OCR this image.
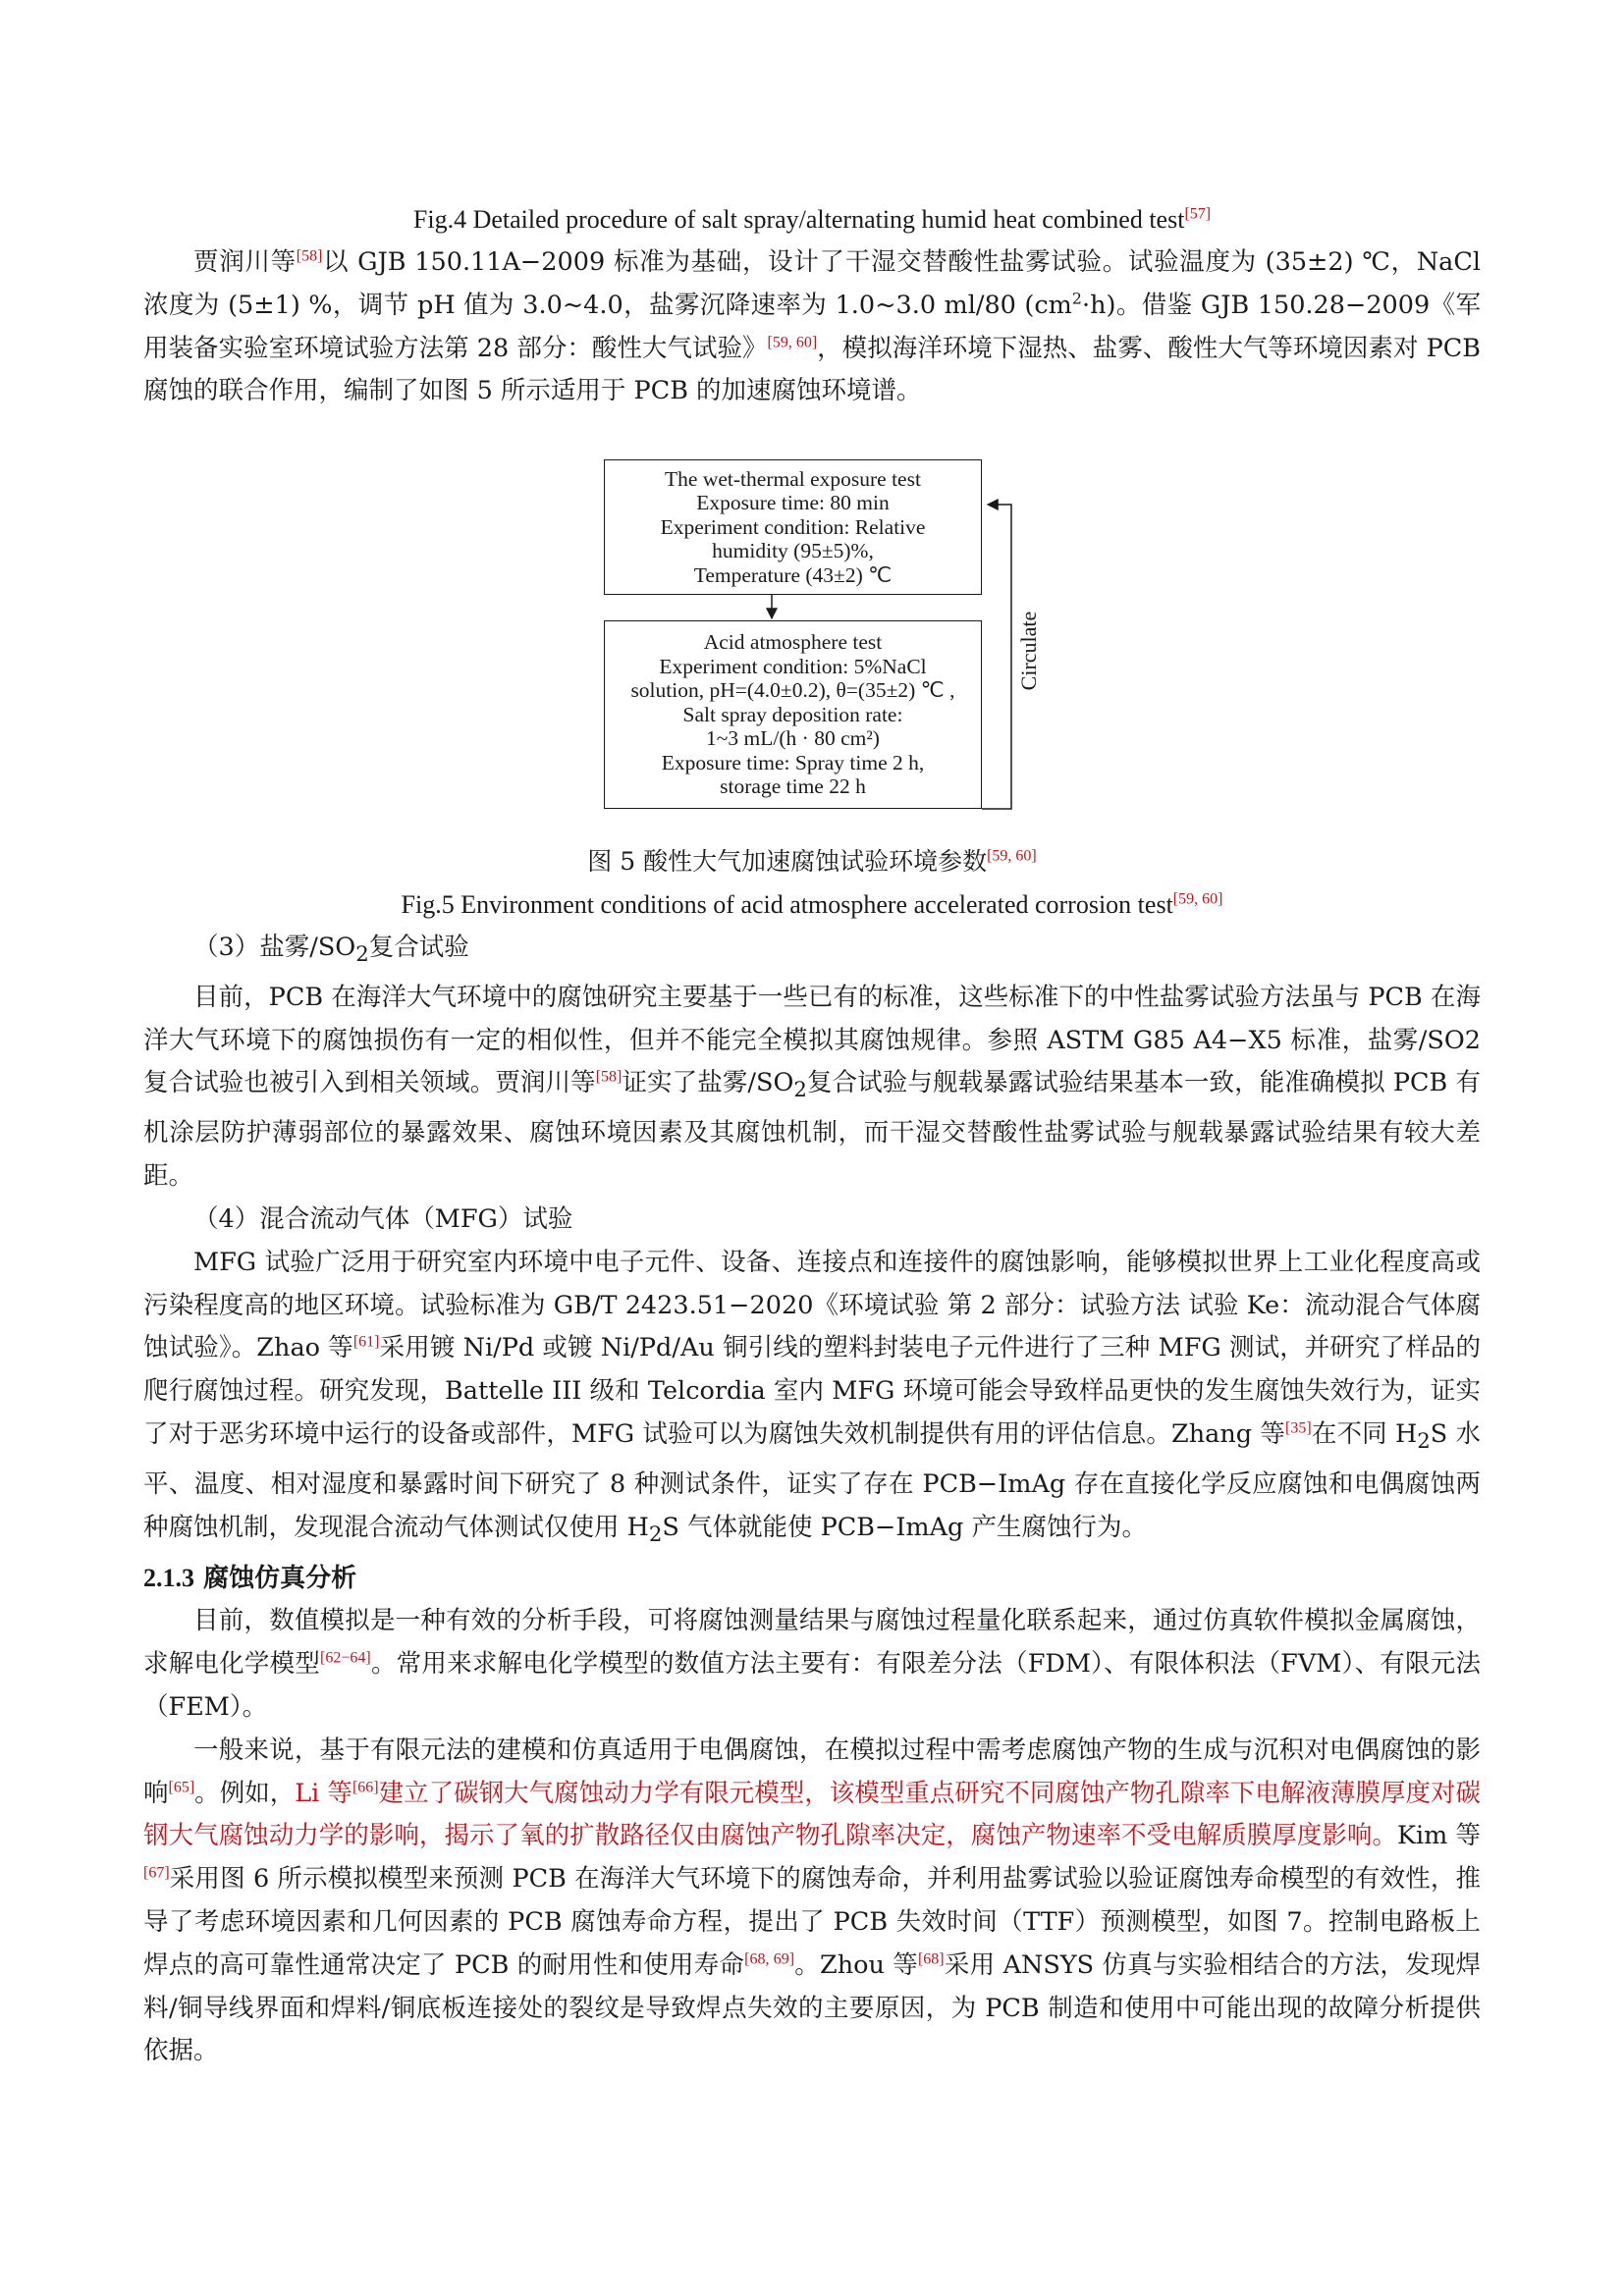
Fig.4 Detailed procedure of salt spray/alternating humid heat combined test[57]

贾润川等[58]以 GJB 150.11A−2009 标准为基础，设计了干湿交替酸性盐雾试验。试验温度为 (35±2) ℃，NaCl 浓度为 (5±1) %，调节 pH 值为 3.0~4.0，盐雾沉降速率为 1.0~3.0 ml/80 $(cm^2\cdot h)$。借鉴 GJB 150.28−2009《军用装备实验室环境试验方法第 28 部分：酸性大气试验》[59, 60]，模拟海洋环境下湿热、盐雾、酸性大气等环境因素对 PCB 腐蚀的联合作用，编制了如图 5 所示适用于 PCB 的加速腐蚀环境谱。

The wet-thermal exposure test
Exposure time: 80 min
Experiment condition: Relative
humidity (95±5)%,
Temperature (43±2) ℃
Acid atmosphere test
Experiment condition: 5%NaCl
solution, pH=(4.0±0.2), θ=(35±2) ℃ ,
Salt spray deposition rate:
1~3 mL/(h · 80 cm²)
Exposure time: Spray time 2 h,
storage time 22 h
Circulate
图 5 酸性大气加速腐蚀试验环境参数[59, 60]
Fig.5 Environment conditions of acid atmosphere accelerated corrosion test[59, 60]

（3）盐雾$/SO_2$复合试验

目前，PCB 在海洋大气环境中的腐蚀研究主要基于一些已有的标准，这些标准下的中性盐雾试验方法虽与 PCB 在海洋大气环境下的腐蚀损伤有一定的相似性，但并不能完全模拟其腐蚀规律。参照 ASTM G85 A4−X5 标准，盐雾/SO2 复合试验也被引入到相关领域。贾润川等[58]证实了盐雾$/SO_2$复合试验与舰载暴露试验结果基本一致，能准确模拟 PCB 有机涂层防护薄弱部位的暴露效果、腐蚀环境因素及其腐蚀机制，而干湿交替酸性盐雾试验与舰载暴露试验结果有较大差距。

（4）混合流动气体（MFG）试验

MFG 试验广泛用于研究室内环境中电子元件、设备、连接点和连接件的腐蚀影响，能够模拟世界上工业化程度高或污染程度高的地区环境。试验标准为 GB/T 2423.51−2020《环境试验 第 2 部分：试验方法 试验 Ke：流动混合气体腐蚀试验》。Zhao 等[61]采用镀 Ni/Pd 或镀 Ni/Pd/Au 铜引线的塑料封装电子元件进行了三种 MFG 测试，并研究了样品的爬行腐蚀过程。研究发现，Battelle III 级和 Telcordia 室内 MFG 环境可能会导致样品更快的发生腐蚀失效行为，证实了对于恶劣环境中运行的设备或部件，MFG 试验可以为腐蚀失效机制提供有用的评估信息。Zhang 等[35]在不同 $H_2S$ 水平、温度、相对湿度和暴露时间下研究了 8 种测试条件，证实了存在 PCB−ImAg 存在直接化学反应腐蚀和电偶腐蚀两种腐蚀机制，发现混合流动气体测试仅使用 $H_2S$ 气体就能使 PCB−ImAg 产生腐蚀行为。

2.1.3 腐蚀仿真分析

目前，数值模拟是一种有效的分析手段，可将腐蚀测量结果与腐蚀过程量化联系起来，通过仿真软件模拟金属腐蚀，求解电化学模型[62−64]。常用来求解电化学模型的数值方法主要有：有限差分法（FDM）、有限体积法（FVM）、有限元法（FEM）。

一般来说，基于有限元法的建模和仿真适用于电偶腐蚀，在模拟过程中需考虑腐蚀产物的生成与沉积对电偶腐蚀的影响[65]。例如，Li 等[66]建立了碳钢大气腐蚀动力学有限元模型，该模型重点研究不同腐蚀产物孔隙率下电解液薄膜厚度对碳钢大气腐蚀动力学的影响，揭示了氧的扩散路径仅由腐蚀产物孔隙率决定，腐蚀产物速率不受电解质膜厚度影响。Kim 等[67]采用图 6 所示模拟模型来预测 PCB 在海洋大气环境下的腐蚀寿命，并利用盐雾试验以验证腐蚀寿命模型的有效性，推导了考虑环境因素和几何因素的 PCB 腐蚀寿命方程，提出了 PCB 失效时间（TTF）预测模型，如图 7。控制电路板上焊点的高可靠性通常决定了 PCB 的耐用性和使用寿命[68, 69]。Zhou 等[68]采用 ANSYS 仿真与实验相结合的方法，发现焊料/铜导线界面和焊料/铜底板连接处的裂纹是导致焊点失效的主要原因，为 PCB 制造和使用中可能出现的故障分析提供依据。
